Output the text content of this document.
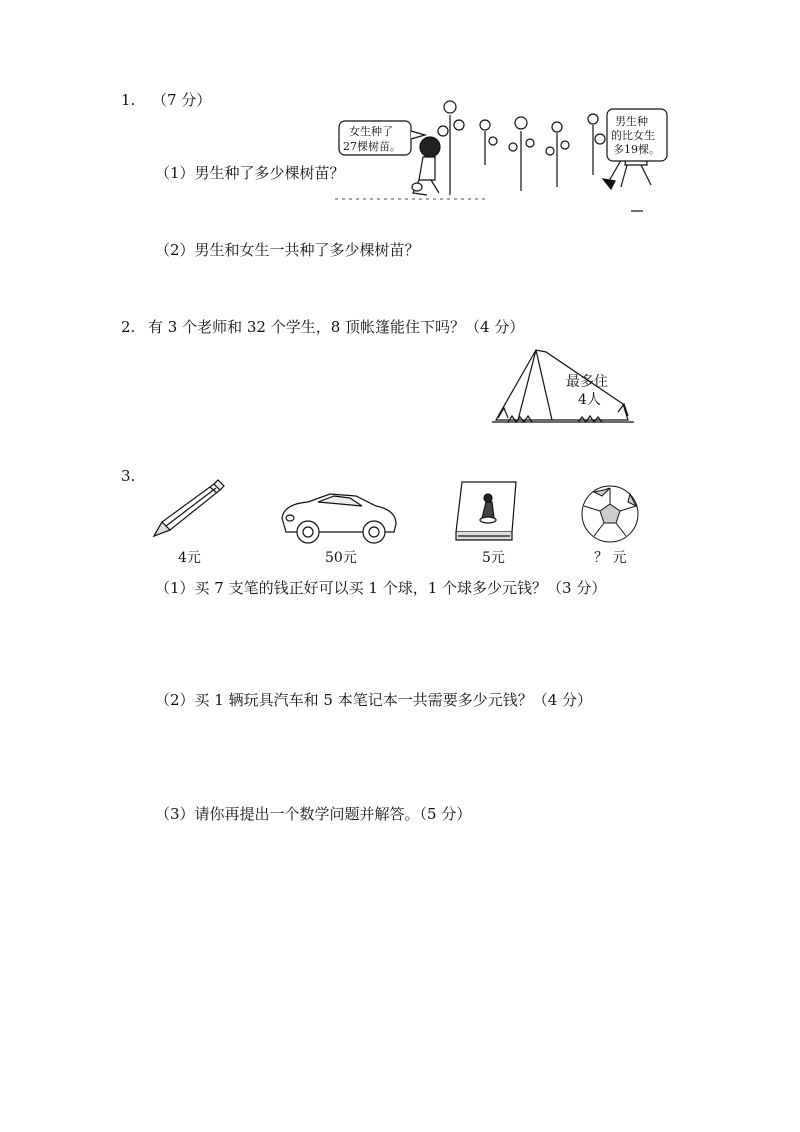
1. （7 分）
女生种了
27棵树苗。
男生种
的比女生
多19棵。
（1）男生种了多少棵树苗？
（2）男生和女生一共种了多少棵树苗？
2. 有 3 个老师和 32 个学生，8 顶帐篷能住下吗？（4 分）
最多住
4人
3.
4元	50元	5元	？ 元
（1）买 7 支笔的钱正好可以买 1 个球，1 个球多少元钱？（3 分）
（2）买 1 辆玩具汽车和 5 本笔记本一共需要多少元钱？（4 分）
（3）请你再提出一个数学问题并解答。（5 分）
